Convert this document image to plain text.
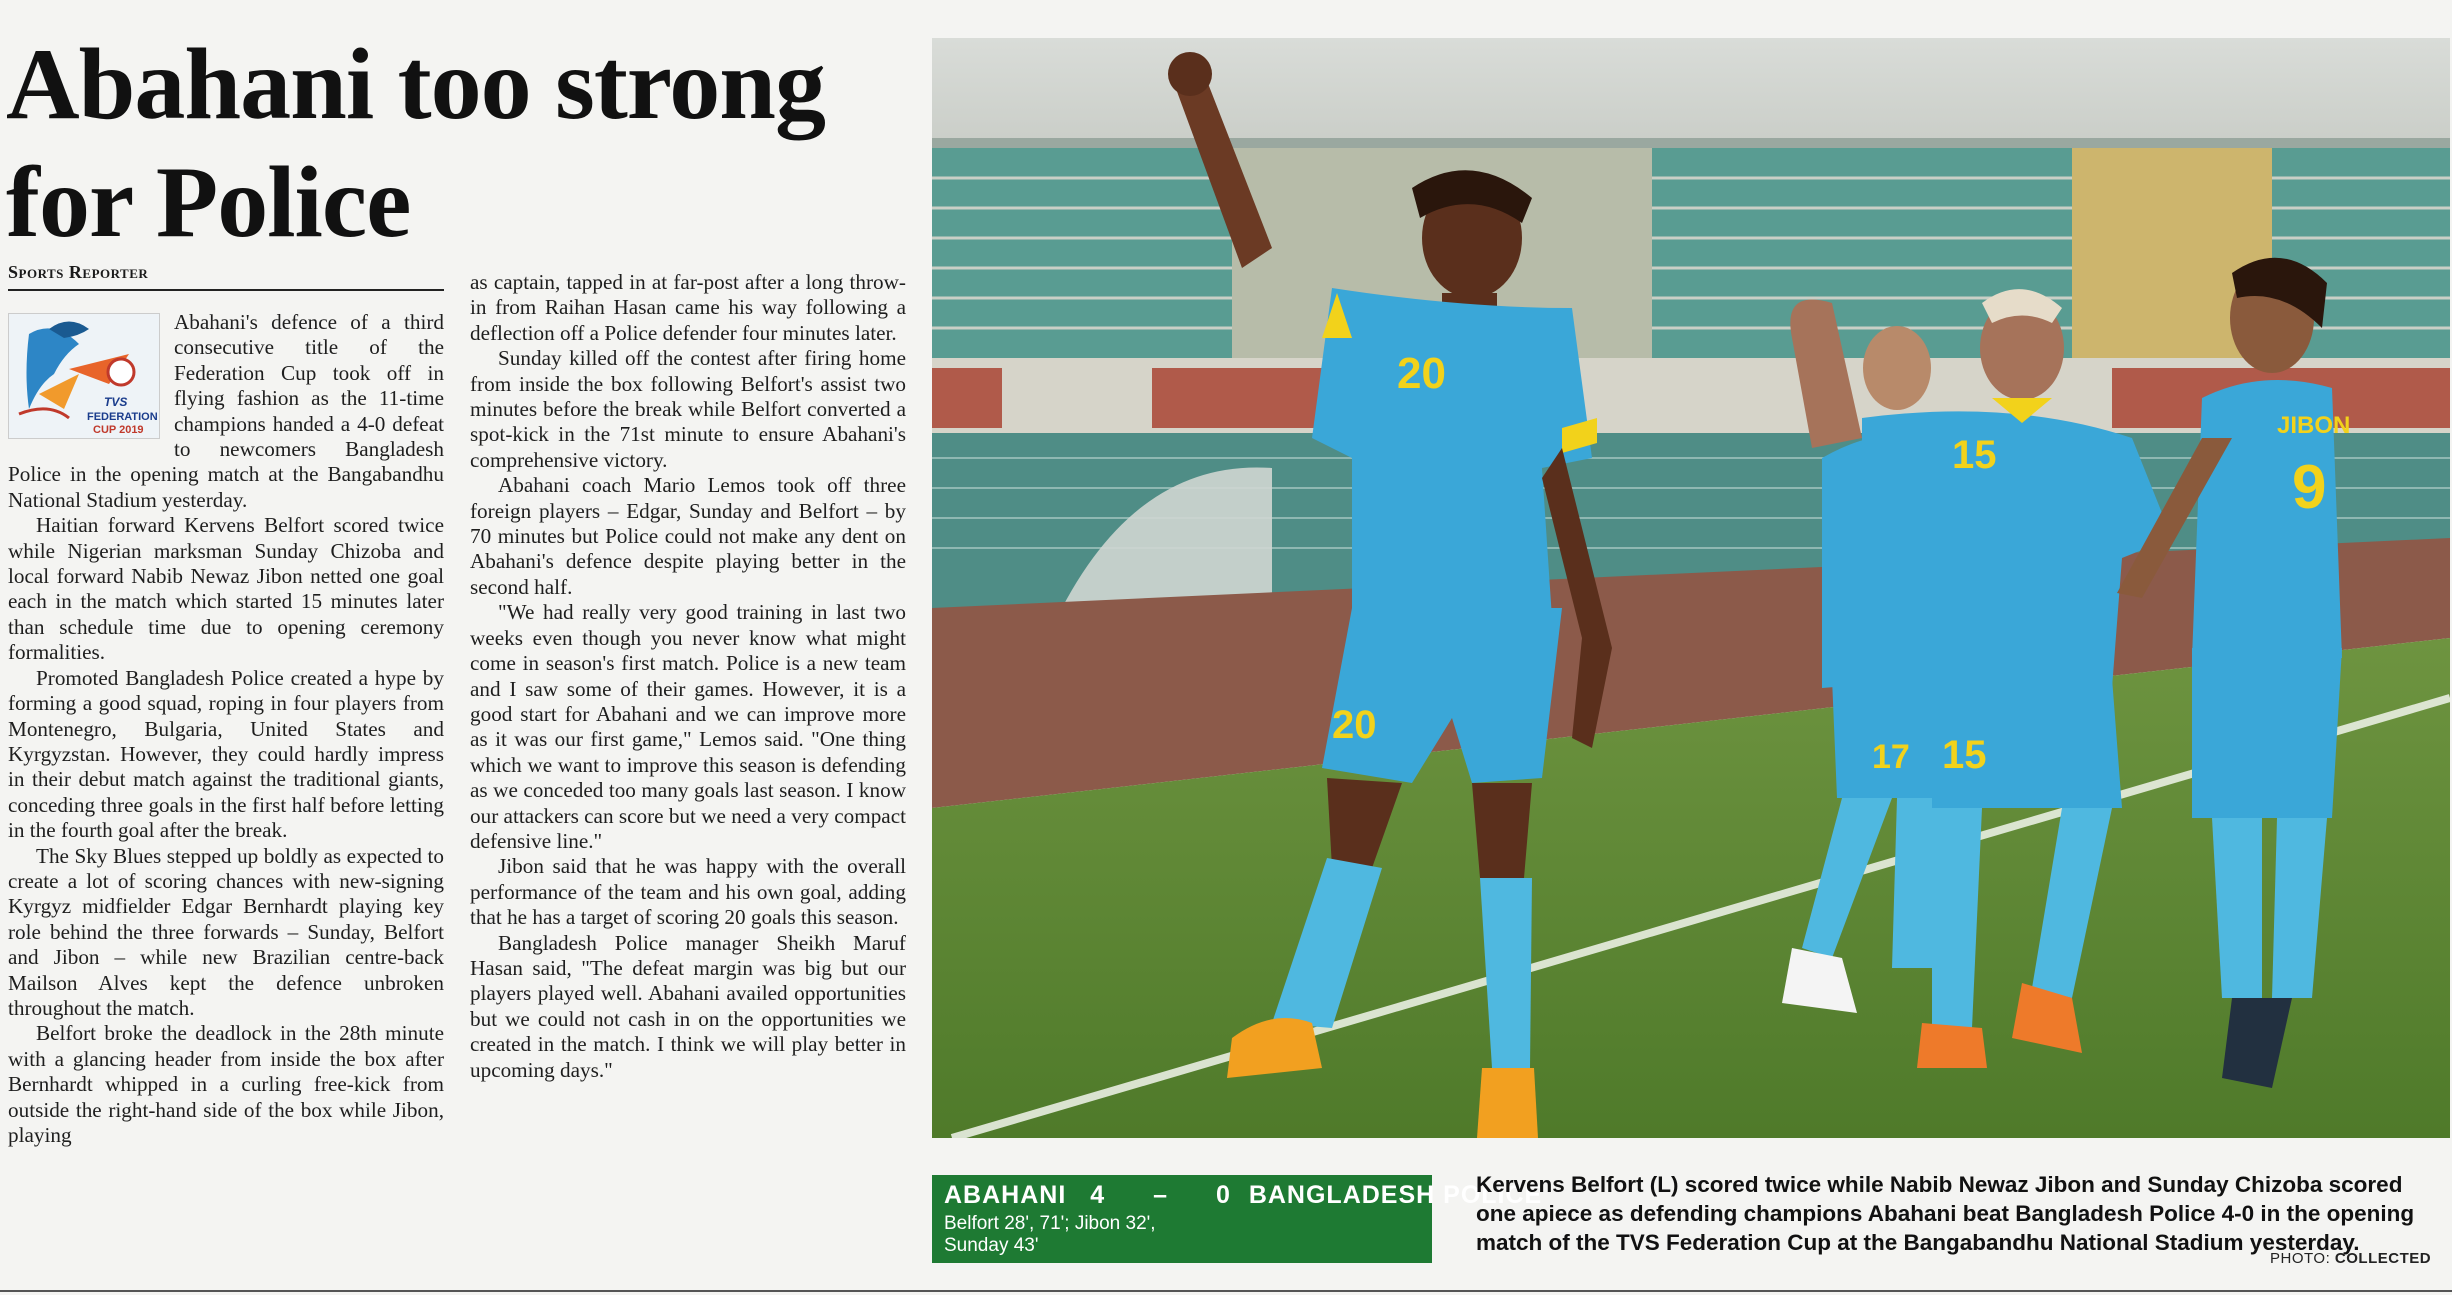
Abahani too strong
for Police
Sports Reporter
TVS
FEDERATION
CUP 2019

Abahani's defence of a third consecutive title of the Federation Cup took off in flying fashion as the 11-time champions handed a 4-0 defeat to newcomers Bangladesh Police in the opening match at the Bangabandhu National Stadium yesterday.

Haitian forward Kervens Belfort scored twice while Nigerian marksman Sunday Chizoba and local forward Nabib Newaz Jibon netted one goal each in the match which started 15 minutes later than schedule time due to opening ceremony formalities.

Promoted Bangladesh Police created a hype by forming a good squad, roping in four players from Montenegro, Bulgaria, United States and Kyrgyzstan. However, they could hardly impress in their debut match against the traditional giants, conceding three goals in the first half before letting in the fourth goal after the break.

The Sky Blues stepped up boldly as expected to create a lot of scoring chances with new-signing Kyrgyz midfielder Edgar Bernhardt playing key role behind the three forwards – Sunday, Belfort and Jibon – while new Brazilian centre-back Mailson Alves kept the defence unbroken throughout the match.

Belfort broke the deadlock in the 28th minute with a glancing header from inside the box after Bernhardt whipped in a curling free-kick from outside the right-hand side of the box while Jibon, playing

as captain, tapped in at far-post after a long throw-in from Raihan Hasan came his way following a deflection off a Police defender four minutes later.

Sunday killed off the contest after firing home from inside the box following Belfort's assist two minutes before the break while Belfort converted a spot-kick in the 71st minute to ensure Abahani's comprehensive victory.

Abahani coach Mario Lemos took off three foreign players – Edgar, Sunday and Belfort – by 70 minutes but Police could not make any dent on Abahani's defence despite playing better in the second half.

"We had really very good training in last two weeks even though you never know what might come in season's first match. Police is a new team and I saw some of their games. However, it is a good start for Abahani and we can improve more as it was our first game," Lemos said. "One thing which we want to improve this season is defending as we conceded too many goals last season. I know our attackers can score but we need a very compact defensive line."

Jibon said that he was happy with the overall performance of the team and his own goal, adding that he has a target of scoring 20 goals this season.

Bangladesh Police manager Sheikh Maruf Hasan said, "The defeat margin was big but our players played well. Abahani availed opportunities but we could not cash in on the opportunities we created in the match. I think we will play better in upcoming days."

20
20
17
15
15
JIBON
9
ABAHANI 4 – 0 BANGLADESH POLICE
Belfort 28', 71'; Jibon 32',
Sunday 43'
Kervens Belfort (L) scored twice while Nabib Newaz Jibon and Sunday Chizoba scored one apiece as defending champions Abahani beat Bangladesh Police 4-0 in the opening match of the TVS Federation Cup at the Bangabandhu National Stadium yesterday.
PHOTO: COLLECTED
